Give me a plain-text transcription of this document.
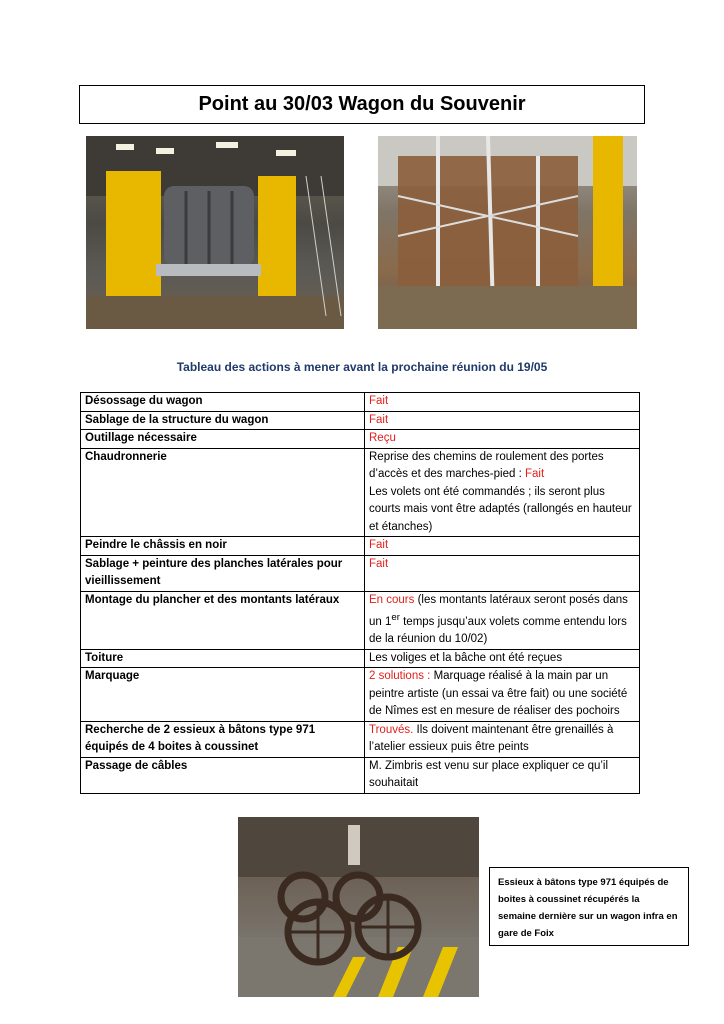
Point au 30/03 Wagon du Souvenir
Tableau des actions à mener avant la prochaine réunion du 19/05
Désossage du wagon	Fait
Sablage de la structure du wagon	Fait
Outillage nécessaire	Reçu
Chaudronnerie	Reprise des chemins de roulement des portes d’accès et des marches-pied : Fait
Les volets ont été commandés ; ils seront plus courts mais vont être adaptés (rallongés en hauteur et étanches)
Peindre le châssis en noir	Fait
Sablage + peinture des planches latérales pour vieillissement	Fait
Montage du plancher et des montants latéraux	En cours (les montants latéraux seront posés dans un 1er temps jusqu’aux volets comme entendu lors de la réunion du 10/02)
Toiture	Les voliges et la bâche ont été reçues
Marquage	2 solutions : Marquage réalisé à la main par un peintre artiste (un essai va être fait) ou une société de Nîmes est en mesure de réaliser des pochoirs
Recherche de 2 essieux à bâtons type 971 équipés de 4 boites à coussinet	Trouvés. Ils doivent maintenant être grenaillés à l’atelier essieux puis être peints
Passage de câbles	M. Zimbris est venu sur place expliquer ce qu’il souhaitait
Essieux à bâtons type 971 équipés de boites à coussinet récupérés la semaine dernière sur un wagon infra en gare de Foix
